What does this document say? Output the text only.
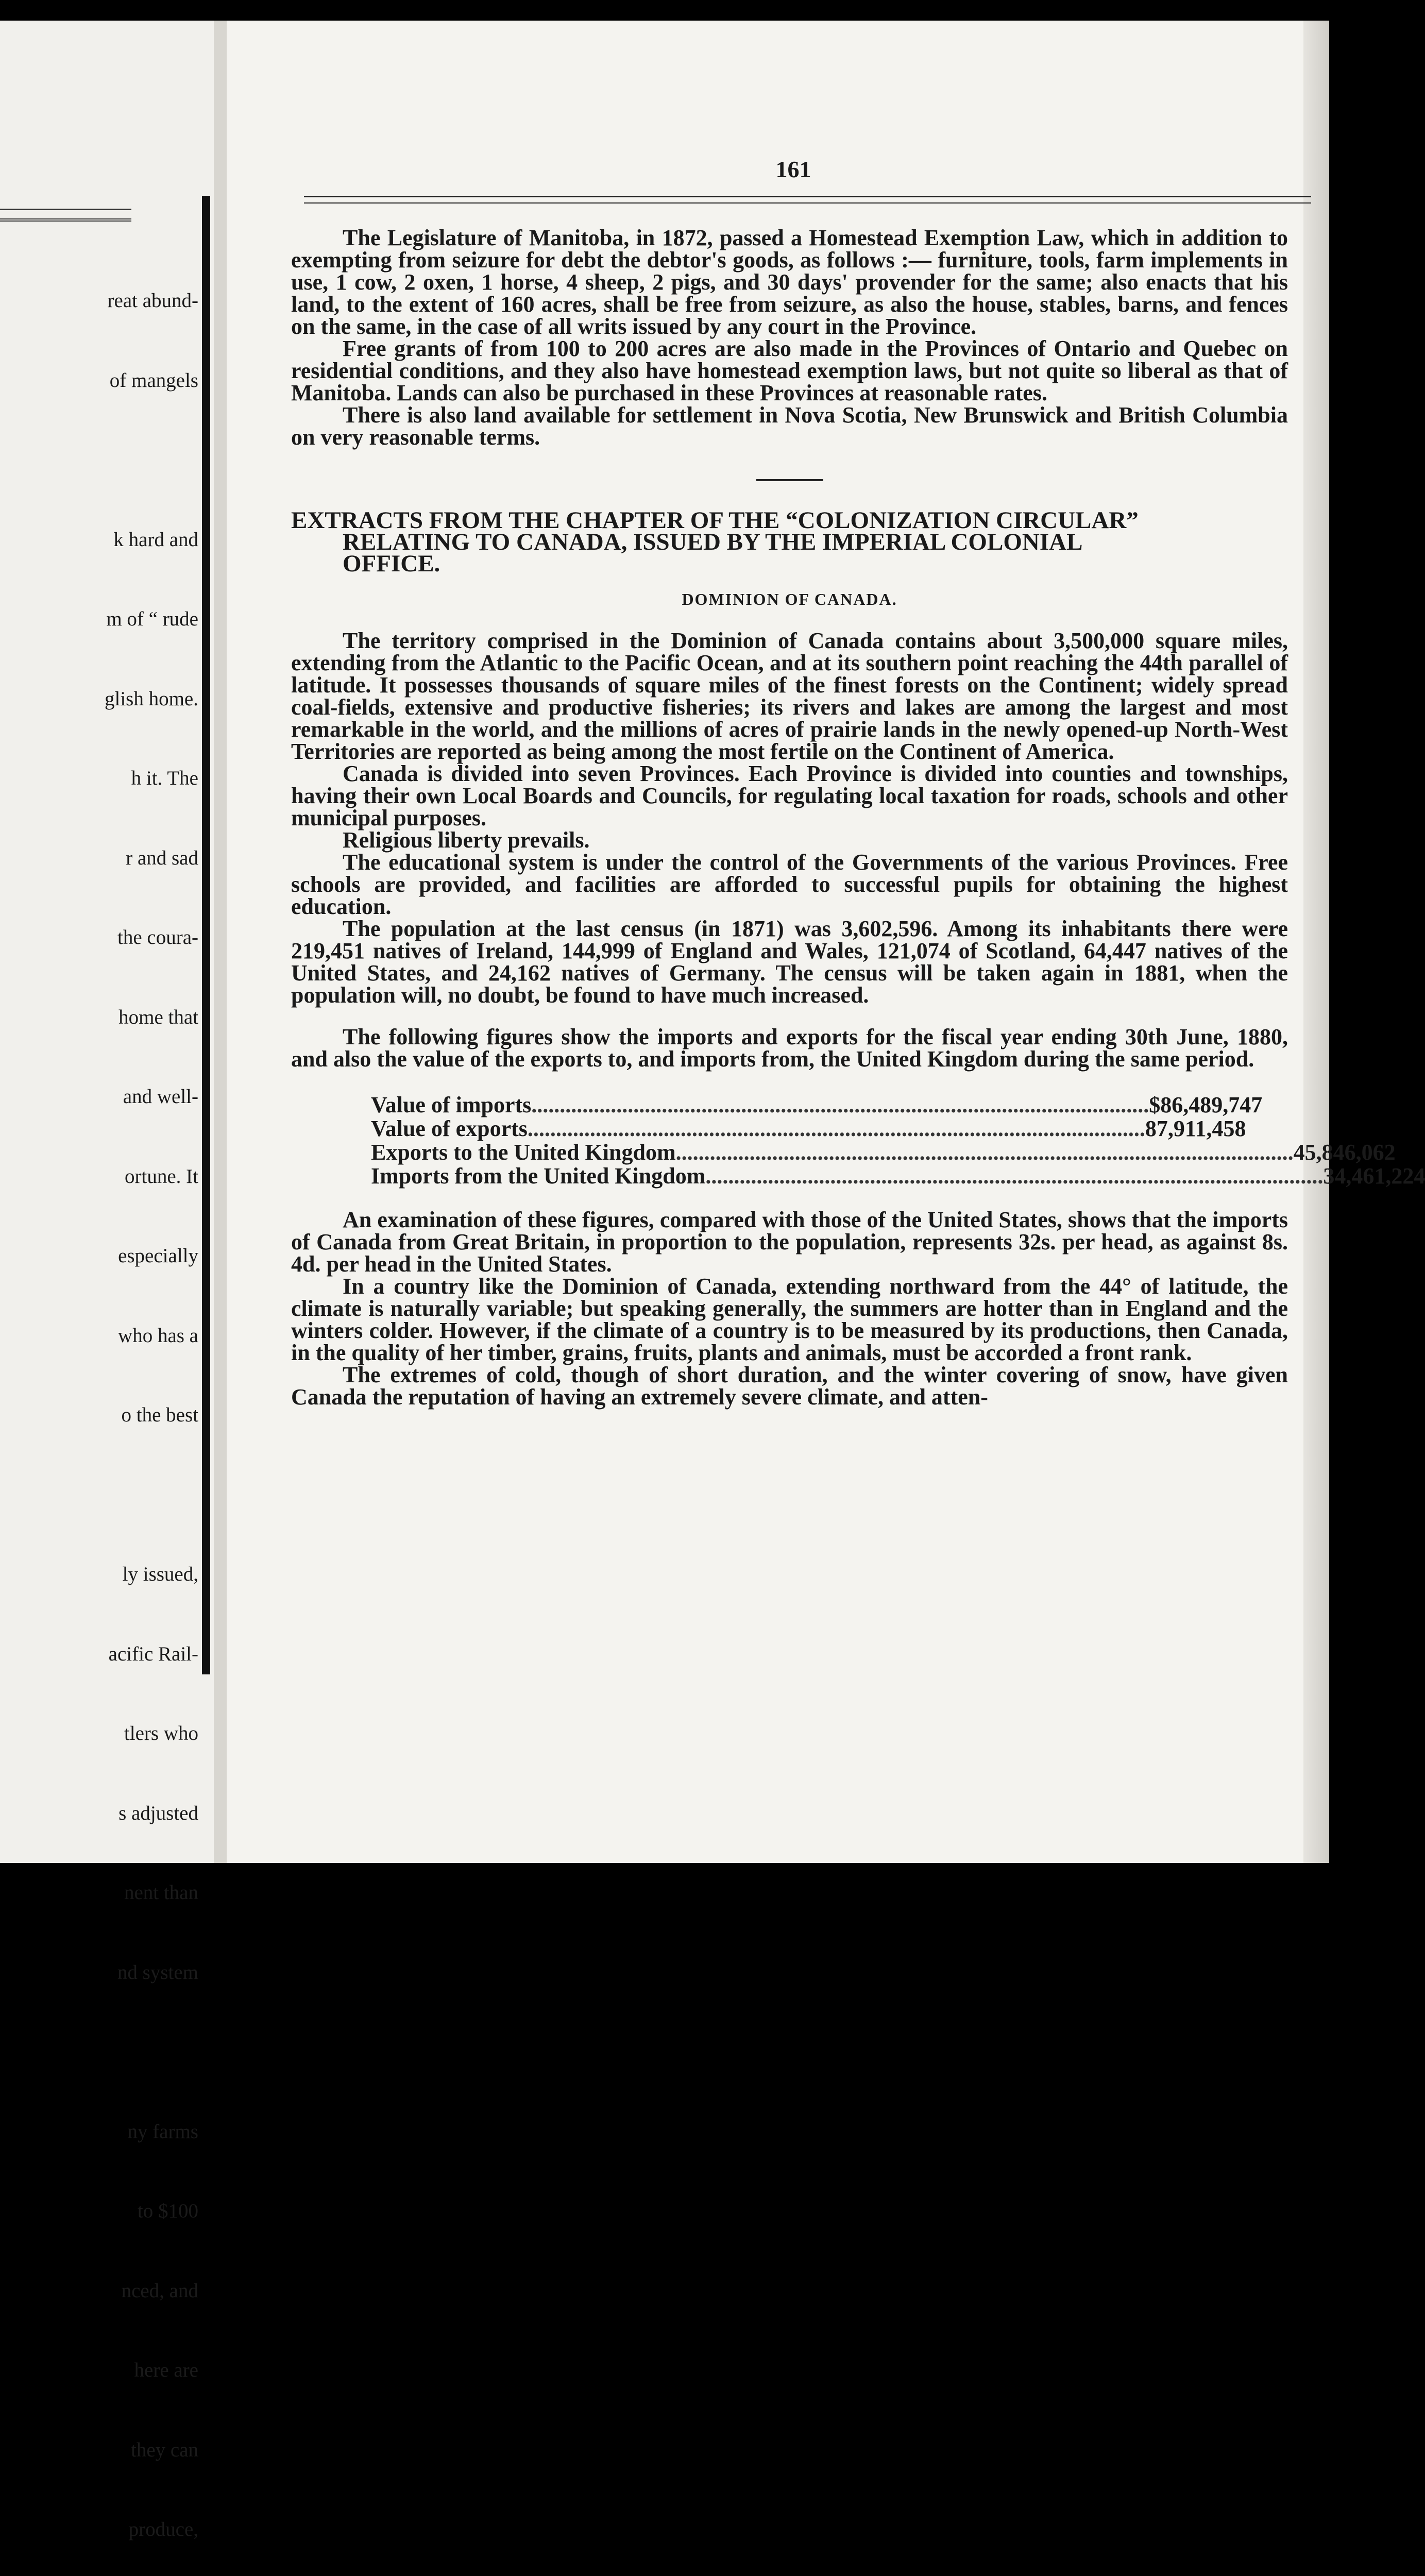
reat abund-

of mangels

k hard and

m of “ rude

glish home.

h it. The

r and sad

the coura-

home that

and well-

ortune. It

especially

who has a

o the best

ly issued,

acific Rail-

tlers who

s adjusted

nent than

nd system

ny farms

to $100

nced, and

here are

they can

produce,

161

The Legislature of Manitoba, in 1872, passed a Homestead Exemption Law, which in addition to exempting from seizure for debt the debtor's goods, as follows :— furniture, tools, farm implements in use, 1 cow, 2 oxen, 1 horse, 4 sheep, 2 pigs, and 30 days' provender for the same; also enacts that his land, to the extent of 160 acres, shall be free from seizure, as also the house, stables, barns, and fences on the same, in the case of all writs issued by any court in the Province.

Free grants of from 100 to 200 acres are also made in the Provinces of Ontario and Quebec on residential conditions, and they also have homestead exemption laws, but not quite so liberal as that of Manitoba. Lands can also be purchased in these Provinces at reasonable rates.

There is also land available for settlement in Nova Scotia, New Brunswick and British Columbia on very reasonable terms.

EXTRACTS FROM THE CHAPTER OF THE “COLONIZATION CIRCULAR”
RELATING TO CANADA, ISSUED BY THE IMPERIAL COLONIAL
OFFICE.
DOMINION OF CANADA.

The territory comprised in the Dominion of Canada contains about 3,500,000 square miles, extending from the Atlantic to the Pacific Ocean, and at its southern point reaching the 44th parallel of latitude. It possesses thousands of square miles of the finest forests on the Continent; widely spread coal-fields, extensive and productive fisheries; its rivers and lakes are among the largest and most remarkable in the world, and the millions of acres of prairie lands in the newly opened-up North-West Territories are reported as being among the most fertile on the Continent of America.

Canada is divided into seven Provinces. Each Province is divided into counties and townships, having their own Local Boards and Councils, for regulating local taxation for roads, schools and other municipal purposes.

Religious liberty prevails.

The educational system is under the control of the Governments of the various Provinces. Free schools are provided, and facilities are afforded to successful pupils for obtaining the highest education.

The population at the last census (in 1871) was 3,602,596. Among its inhabitants there were 219,451 natives of Ireland, 144,999 of England and Wales, 121,074 of Scotland, 64,447 natives of the United States, and 24,162 natives of Germany. The census will be taken again in 1881, when the population will, no doubt, be found to have much increased.

The following figures show the imports and exports for the fiscal year ending 30th June, 1880, and also the value of the exports to, and imports from, the United Kingdom during the same period.

Value of imports ............................................................................................................. $86,489,747
Value of exports ............................................................................................................. 87,911,458
Exports to the United Kingdom ............................................................................................................. 45,846,062
Imports from the United Kingdom ............................................................................................................. 34,461,224

An examination of these figures, compared with those of the United States, shows that the imports of Canada from Great Britain, in proportion to the population, represents 32s. per head, as against 8s. 4d. per head in the United States.

In a country like the Dominion of Canada, extending northward from the 44° of latitude, the climate is naturally variable; but speaking generally, the summers are hotter than in England and the winters colder. However, if the climate of a country is to be measured by its productions, then Canada, in the quality of her timber, grains, fruits, plants and animals, must be accorded a front rank.

The extremes of cold, though of short duration, and the winter covering of snow, have given Canada the reputation of having an extremely severe climate, and atten-
